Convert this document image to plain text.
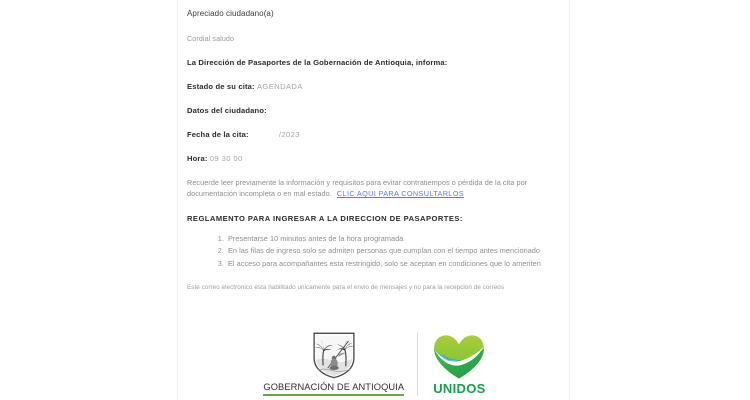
Apreciado ciudadano(a)

Cordial saludo

La Dirección de Pasaportes de la Gobernación de Antioquia, informa:

Estado de su cita: AGENDADA

Datos del ciudadano:

Fecha de la cita:	/2023

Hora: 09 30 00

Recuerde leer previamente la información y requisitos para evitar contratiempos o pérdida de la cita por documentación incompleta o en mal estado. CLIC AQUI PARA CONSULTARLOS

REGLAMENTO PARA INGRESAR A LA DIRECCION DE PASAPORTES:

1. Presentarse 10 minutos antes de la hora programada
2. En las filas de ingreso solo se admiten personas que cumplan con el tiempo antes mencionado
3. El acceso para acompañantes esta restringido, solo se aceptan en condiciones que lo ameriten

Este correo electronico esta habilitado unicamente para el envio de mensajes y no para la recepcion de correos

GOBERNACIÓN DE ANTIOQUIA UNIDOS
